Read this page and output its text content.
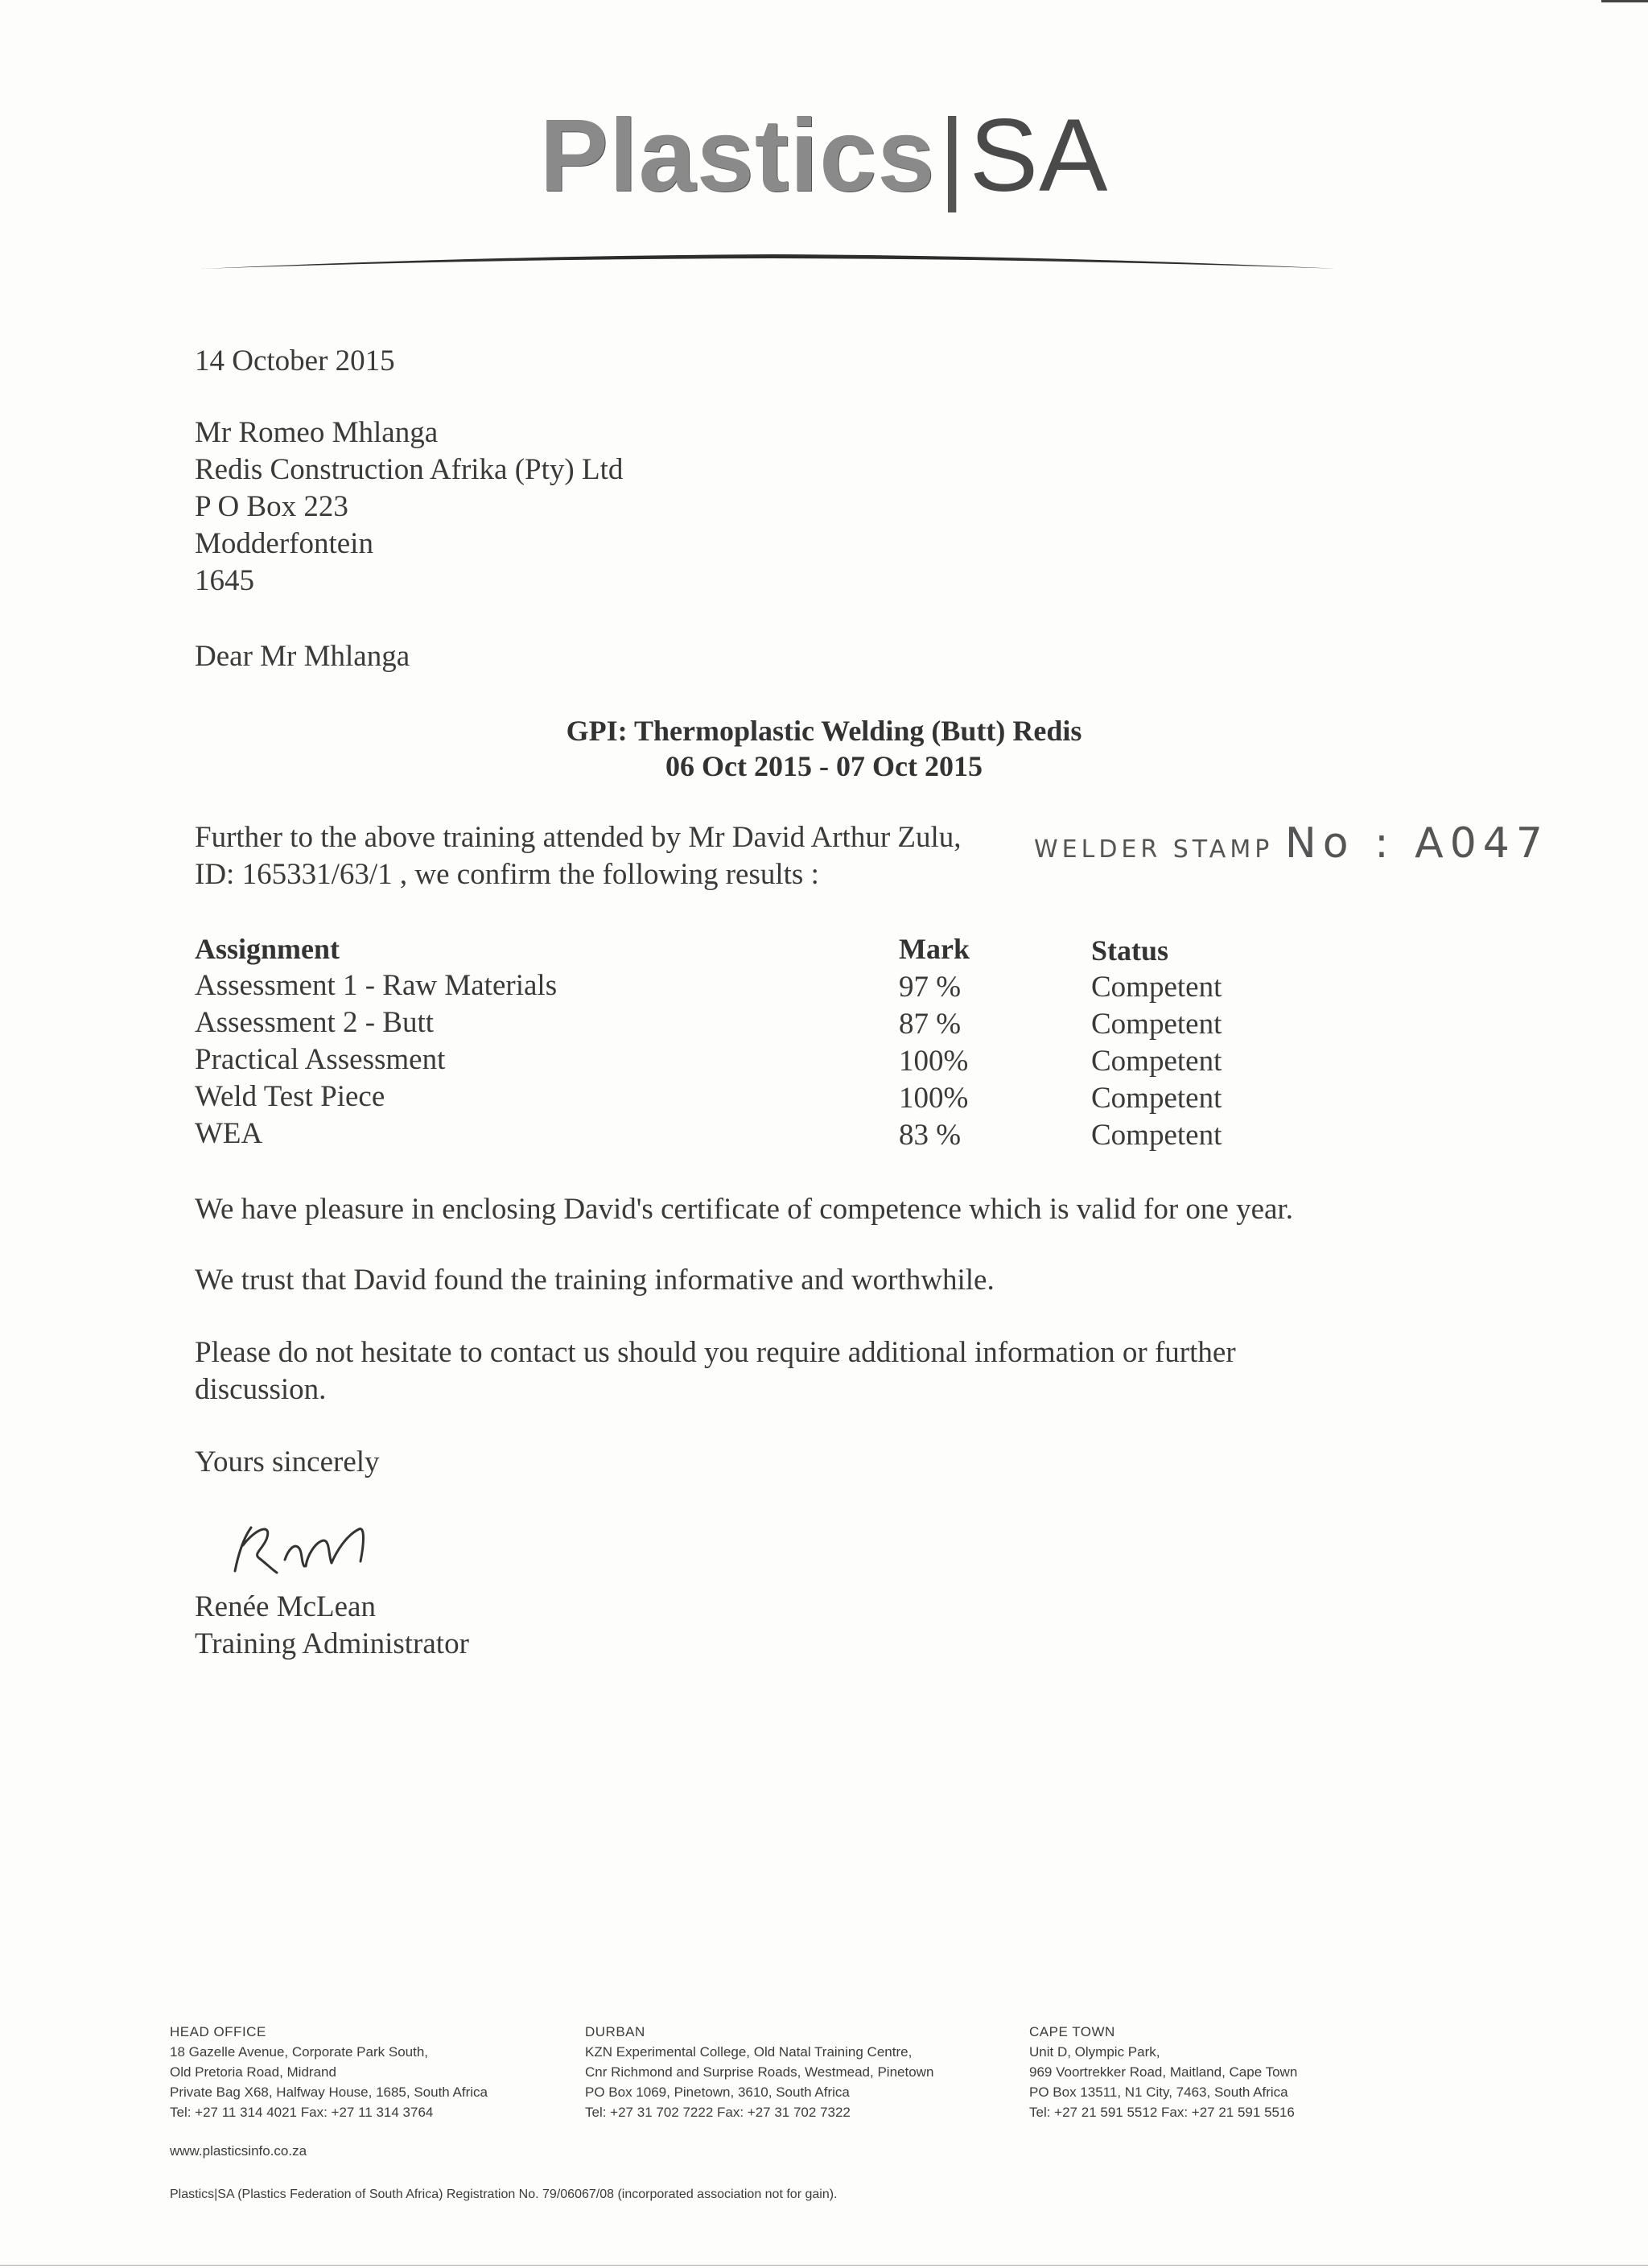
Plastics|SA
14 October 2015
Mr Romeo Mhlanga
Redis Construction Afrika (Pty) Ltd
P O Box 223
Modderfontein
1645
Dear Mr Mhlanga
GPI: Thermoplastic Welding (Butt) Redis
06 Oct 2015 - 07 Oct 2015
Further to the above training attended by Mr David Arthur Zulu,
ID: 165331/63/1 , we confirm the following results :
WELDER STAMP No : A047
Assignment	Mark	Status
Assessment 1 - Raw Materials	97 %	Competent
Assessment 2 - Butt	87 %	Competent
Practical Assessment	100%	Competent
Weld Test Piece	100%	Competent
WEA	83 %	Competent
We have pleasure in enclosing David's certificate of competence which is valid for one year.
We trust that David found the training informative and worthwhile.
Please do not hesitate to contact us should you require additional information or further
discussion.
Yours sincerely
Renée McLean
Training Administrator
HEAD OFFICE
18 Gazelle Avenue, Corporate Park South,
Old Pretoria Road, Midrand
Private Bag X68, Halfway House, 1685, South Africa
Tel: +27 11 314 4021 Fax: +27 11 314 3764
DURBAN
KZN Experimental College, Old Natal Training Centre,
Cnr Richmond and Surprise Roads, Westmead, Pinetown
PO Box 1069, Pinetown, 3610, South Africa
Tel: +27 31 702 7222 Fax: +27 31 702 7322
CAPE TOWN
Unit D, Olympic Park,
969 Voortrekker Road, Maitland, Cape Town
PO Box 13511, N1 City, 7463, South Africa
Tel: +27 21 591 5512 Fax: +27 21 591 5516
www.plasticsinfo.co.za
Plastics|SA (Plastics Federation of South Africa) Registration No. 79/06067/08 (incorporated association not for gain).
